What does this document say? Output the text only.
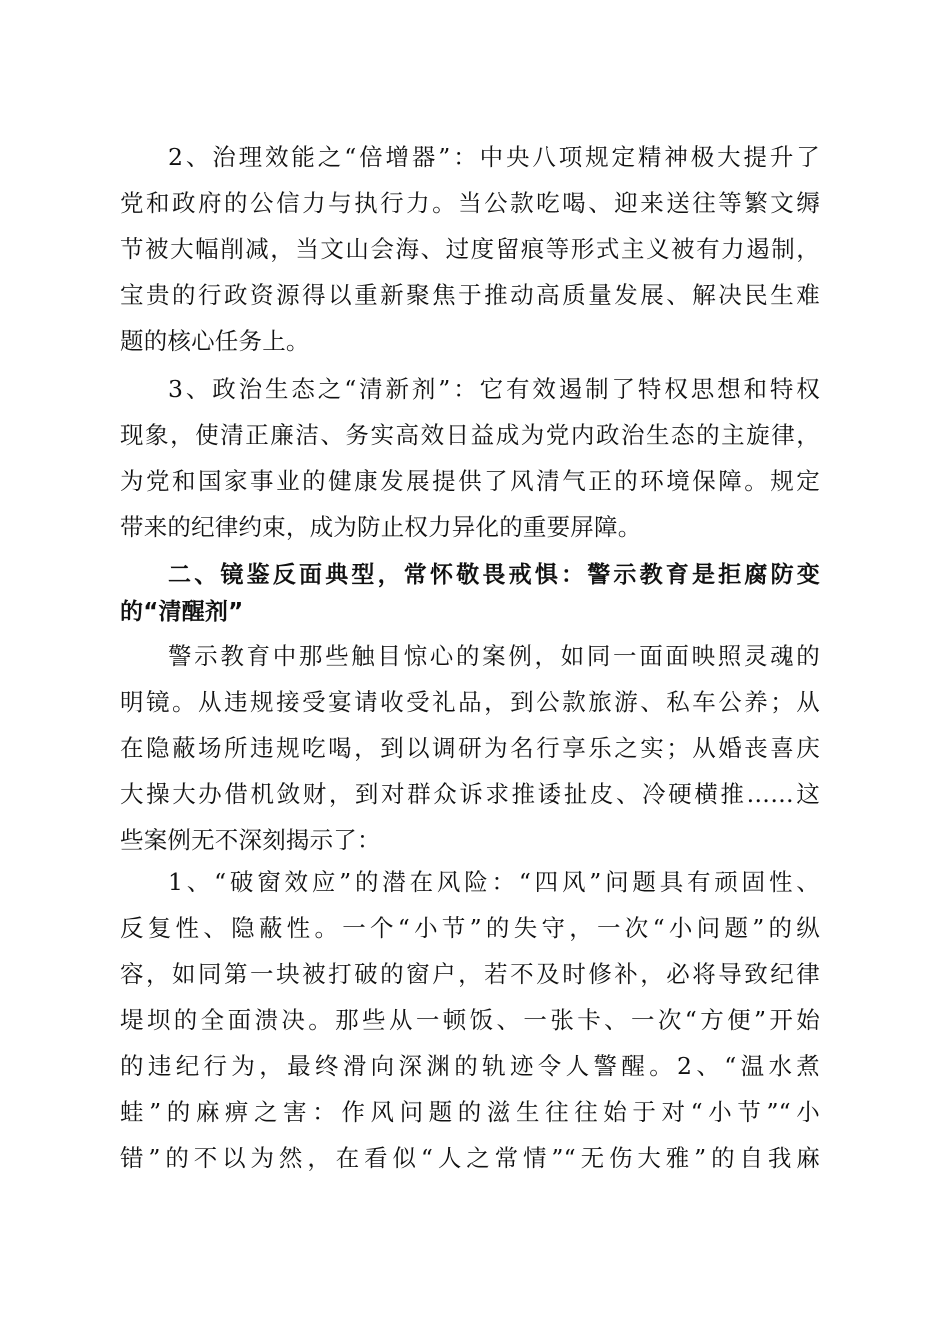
2、治理效能之“倍增器”：中央八项规定精神极大提升了
党和政府的公信力与执行力。当公款吃喝、迎来送往等繁文缛
节被大幅削减，当文山会海、过度留痕等形式主义被有力遏制，
宝贵的行政资源得以重新聚焦于推动高质量发展、解决民生难
题的核心任务上。
3、政治生态之“清新剂”：它有效遏制了特权思想和特权
现象，使清正廉洁、务实高效日益成为党内政治生态的主旋律，
为党和国家事业的健康发展提供了风清气正的环境保障。规定
带来的纪律约束，成为防止权力异化的重要屏障。
二、镜鉴反面典型，常怀敬畏戒惧：警示教育是拒腐防变
的“清醒剂”
警示教育中那些触目惊心的案例，如同一面面映照灵魂的
明镜。从违规接受宴请收受礼品，到公款旅游、私车公养；从
在隐蔽场所违规吃喝，到以调研为名行享乐之实；从婚丧喜庆
大操大办借机敛财，到对群众诉求推诿扯皮、冷硬横推……这
些案例无不深刻揭示了：
1、“破窗效应”的潜在风险：“四风”问题具有顽固性、
反复性、隐蔽性。一个“小节”的失守，一次“小问题”的纵
容，如同第一块被打破的窗户，若不及时修补，必将导致纪律
堤坝的全面溃决。那些从一顿饭、一张卡、一次“方便”开始
的违纪行为，最终滑向深渊的轨迹令人警醒。2、“温水煮
蛙”的麻痹之害：作风问题的滋生往往始于对“小节”“小
错”的不以为然，在看似“人之常情”“无伤大雅”的自我麻
